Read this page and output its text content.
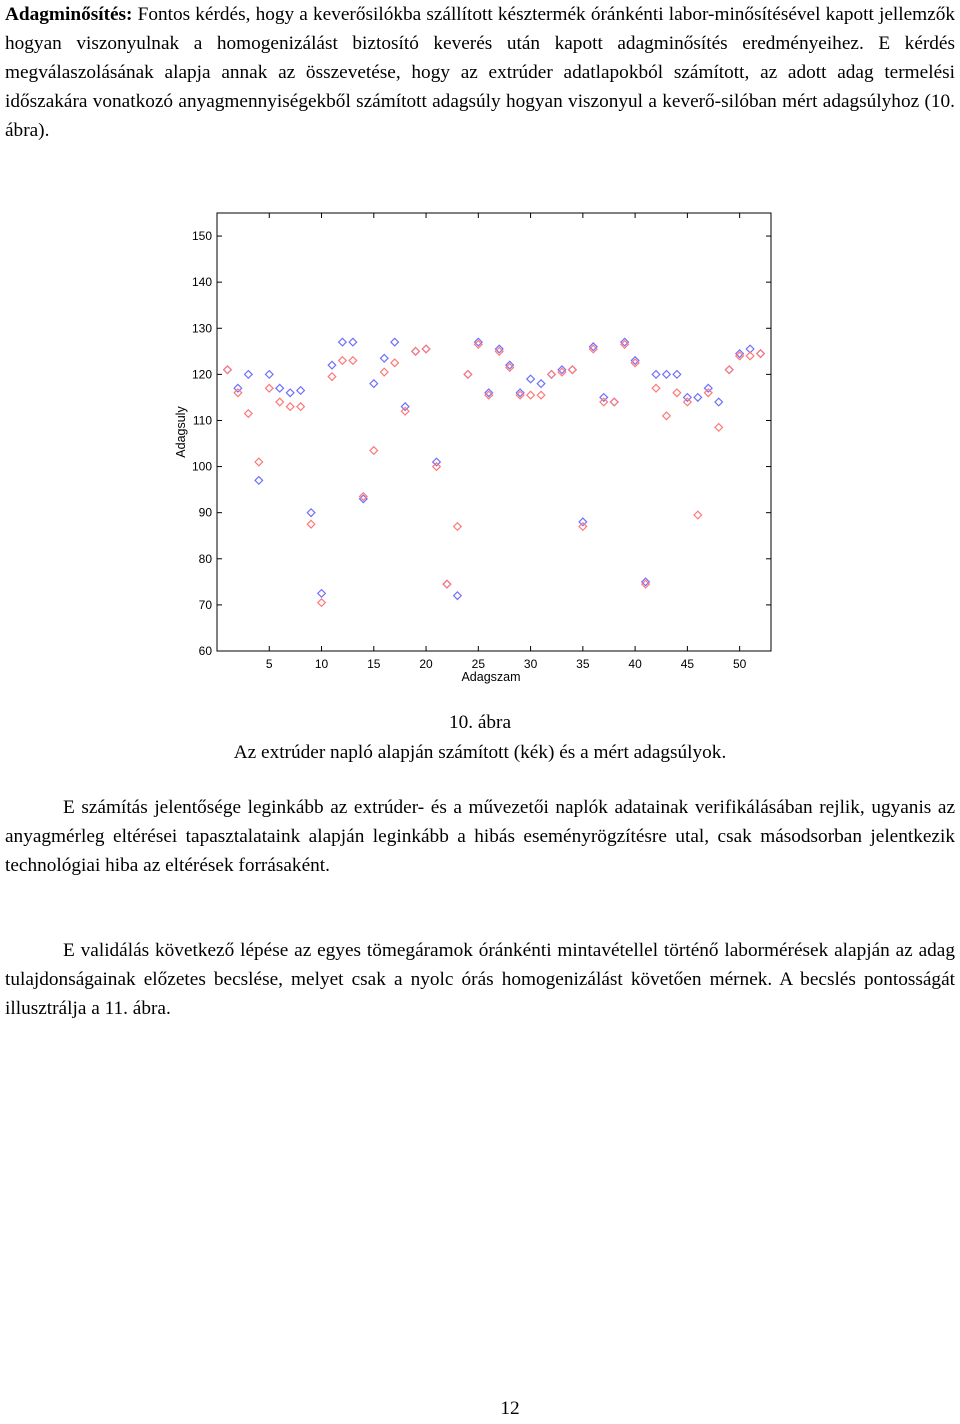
Adagminősítés: Fontos kérdés, hogy a keverősilókba szállított késztermék óránkénti labor-minősítésével kapott jellemzők hogyan viszonyulnak a homogenizálást biztosító keverés után kapott adagminősítés eredményeihez. E kérdés megválaszolásának alapja annak az összevetése, hogy az extrúder adatlapokból számított, az adott adag termelési időszakára vonatkozó anyagmennyiségekből számított adagsúly hogyan viszonyul a keverő-silóban mért adagsúlyhoz (10. ábra).
60
70
80
90
100
110
120
130
140
150
5	10	15	20	25	30	35	40	45	50
Adagszam
Adagsuly
10. ábra
Az extrúder napló alapján számított (kék) és a mért adagsúlyok.
E számítás jelentősége leginkább az extrúder- és a művezetői naplók adatainak verifikálásában rejlik, ugyanis az anyagmérleg eltérései tapasztalataink alapján leginkább a hibás eseményrögzítésre utal, csak másodsorban jelentkezik technológiai hiba az eltérések forrásaként.
E validálás következő lépése az egyes tömegáramok óránkénti mintavétellel történő labormérések alapján az adag tulajdonságainak előzetes becslése, melyet csak a nyolc órás homogenizálást követően mérnek. A becslés pontosságát illusztrálja a 11. ábra.
12
